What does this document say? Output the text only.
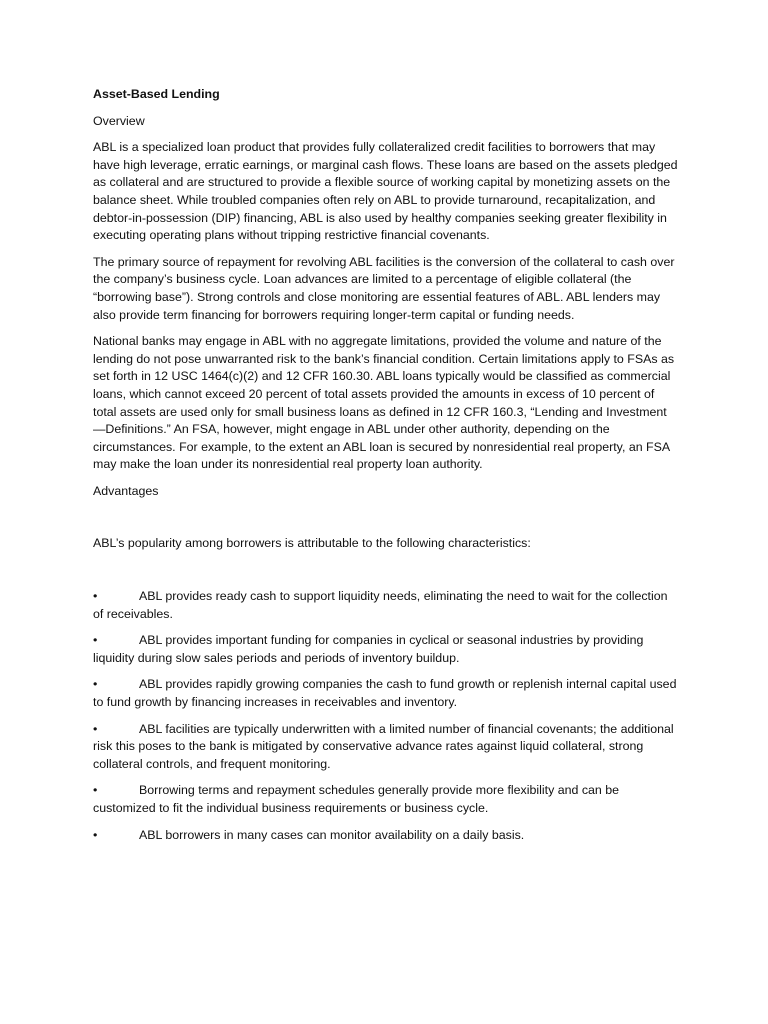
Asset-Based Lending
Overview

ABL is a specialized loan product that provides fully collateralized credit facilities to borrowers that may have high leverage, erratic earnings, or marginal cash flows. These loans are based on the assets pledged as collateral and are structured to provide a flexible source of working capital by monetizing assets on the balance sheet. While troubled companies often rely on ABL to provide turnaround, recapitalization, and debtor-in-possession (DIP) financing, ABL is also used by healthy companies seeking greater flexibility in executing operating plans without tripping restrictive financial covenants.

The primary source of repayment for revolving ABL facilities is the conversion of the collateral to cash over the company’s business cycle. Loan advances are limited to a percentage of eligible collateral (the “borrowing base”). Strong controls and close monitoring are essential features of ABL. ABL lenders may also provide term financing for borrowers requiring longer-term capital or funding needs.

National banks may engage in ABL with no aggregate limitations, provided the volume and nature of the lending do not pose unwarranted risk to the bank’s financial condition. Certain limitations apply to FSAs as set forth in 12 USC 1464(c)(2) and 12 CFR 160.30. ABL loans typically would be classified as commercial loans, which cannot exceed 20 percent of total assets provided the amounts in excess of 10 percent of total assets are used only for small business loans as defined in 12 CFR 160.3, “Lending and Investment—Definitions.” An FSA, however, might engage in ABL under other authority, depending on the circumstances. For example, to the extent an ABL loan is secured by nonresidential real property, an FSA may make the loan under its nonresidential real property loan authority.

Advantages
ABL’s popularity among borrowers is attributable to the following characteristics:
•	ABL provides ready cash to support liquidity needs, eliminating the need to wait for the collection of receivables.
•	ABL provides important funding for companies in cyclical or seasonal industries by providing liquidity during slow sales periods and periods of inventory buildup.
•	ABL provides rapidly growing companies the cash to fund growth or replenish internal capital used to fund growth by financing increases in receivables and inventory.
•	ABL facilities are typically underwritten with a limited number of financial covenants; the additional risk this poses to the bank is mitigated by conservative advance rates against liquid collateral, strong collateral controls, and frequent monitoring.
•	Borrowing terms and repayment schedules generally provide more flexibility and can be customized to fit the individual business requirements or business cycle.
•	ABL borrowers in many cases can monitor availability on a daily basis.
